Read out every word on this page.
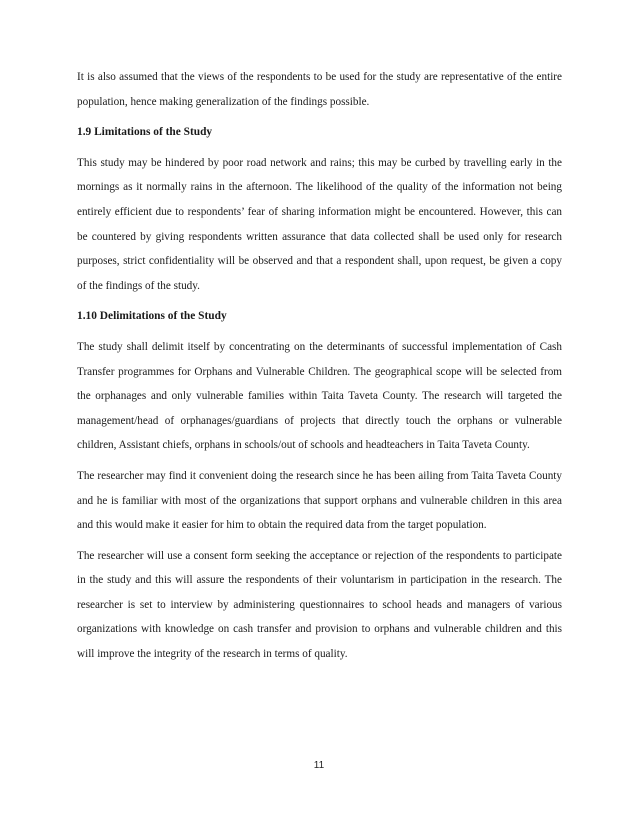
It is also assumed that the views of the respondents to be used for the study are representative of the entire population, hence making generalization of the findings possible.

1.9 Limitations of the Study

This study may be hindered by poor road network and rains; this may be curbed by travelling early in the mornings as it normally rains in the afternoon. The likelihood of the quality of the information not being entirely efficient due to respondents’ fear of sharing information might be encountered. However, this can be countered by giving respondents written assurance that data collected shall be used only for research purposes, strict confidentiality will be observed and that a respondent shall, upon request, be given a copy of the findings of the study.

1.10 Delimitations of the Study

The study shall delimit itself by concentrating on the determinants of successful implementation of Cash Transfer programmes for Orphans and Vulnerable Children. The geographical scope will be selected from the orphanages and only vulnerable families within Taita Taveta County. The research will targeted the management/head of orphanages/guardians of projects that directly touch the orphans or vulnerable children, Assistant chiefs, orphans in schools/out of schools and headteachers in Taita Taveta County.

The researcher may find it convenient doing the research since he has been ailing from Taita Taveta County and he is familiar with most of the organizations that support orphans and vulnerable children in this area and this would make it easier for him to obtain the required data from the target population.

The researcher will use a consent form seeking the acceptance or rejection of the respondents to participate in the study and this will assure the respondents of their voluntarism in participation in the research. The researcher is set to interview by administering questionnaires to school heads and managers of various organizations with knowledge on cash transfer and provision to orphans and vulnerable children and this will improve the integrity of the research in terms of quality.

11
